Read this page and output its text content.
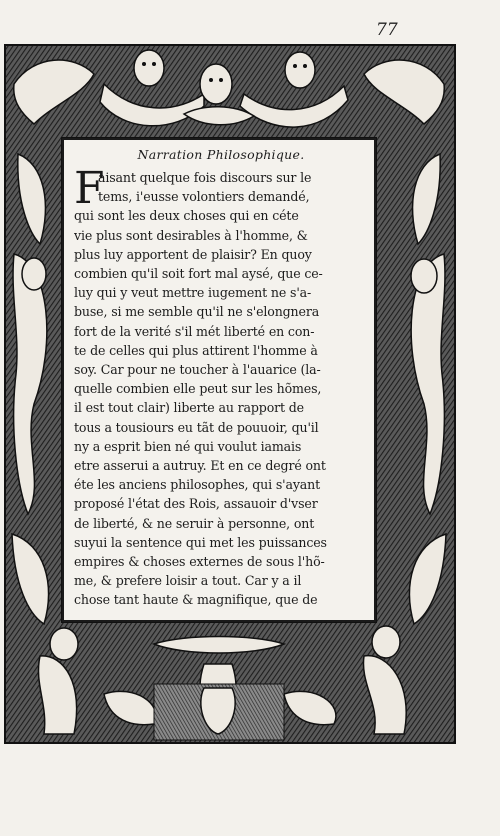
77
Narration Philosophique.
F
aisant quelque fois discours sur le
tems, i'eusse volontiers demandé,
qui sont les deux choses qui en céte
vie plus sont desirables à l'homme, &
plus luy apportent de plaisir? En quoy
combien qu'il soit fort mal aysé, que ce-
luy qui y veut mettre iugement ne s'a-
buse, si me semble qu'il ne s'elongnera
fort de la verité s'il mét liberté en con-
te de celles qui plus attirent l'homme à
soy. Car pour ne toucher à l'auarice (la-
quelle combien elle peut sur les hõmes,
il est tout clair) liberte au rapport de
tous a tousiours eu tãt de pouuoir, qu'il
ny a esprit bien né qui voulut iamais
etre asserui a autruy. Et en ce degré ont
éte les anciens philosophes, qui s'ayant
proposé l'état des Rois, assauoir d'vser
de liberté, & ne seruir à personne, ont
suyui la sentence qui met les puissances
empires & choses externes de sous l'hõ-
me, & prefere loisir a tout. Car y a il
chose tant haute & magnifique, que de
